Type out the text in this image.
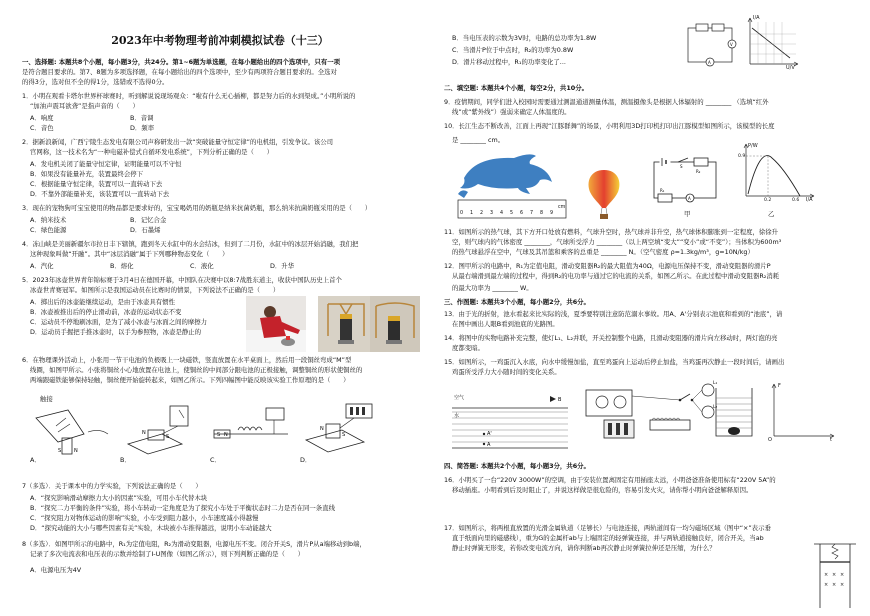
2023年中考物理考前冲刺模拟试卷（十三）
一、选择题: 本题共8个小题，每小题3分，共24分。第1~6题为单选题，在每小题给出的四个选项中，只有一项
是符合题目要求的。第7、8题为多项选择题，在每小题给出的四个选项中，至少有两项符合题目要求的。全选对
的得3分，选对但不全的得1分，选错或不选得0分。
1．小明在观看卡塔尔世界杯球赛时，听到解说说现场观众：“啦有什么无心插柳，都是努力后的水到渠成。”小明所说的
“加油声震耳欲聋”是指声音的（　　）
A．响度	B．音调
C．音色	D．频率
2．据新浪新闻，广西宁陵生态发电有限公司声称研发出一款“突破能量守恒定律”的电机组，引发争议。该公司
官网称，这一技术名为“一种电磁补偿式自循环发电系统”，下列分析正确的是（　　）
A．发电机关闭了能量守恒定律，证明能量可以不守恒
B．如果没有能量补充，装置最终会停下
C．根据能量守恒定律，装置可以一直转动下去
D．不靠外部能量补充，该装置可以一直转动下去
3．现在的宠物狗可宝宝使用的物品都是要求好的，宝宝喝奶用的奶瓶是纳米抗菌奶瓶，那么纳米抗菌奶瓶采用的是（　　）
A．纳米技术	B．记忆合金
C．绿色能源	D．石墨烯
4．冻山峡是美丽新疆尔市拉日丰下辖镇，跑到冬天水缸中的水会结冰，但到了二月份，水缸中的冰层开始消融，我们把
这种现象叫做“开融”。其中“冰层消融”属于下列哪种物态变化（　　）
A．汽化	B．熔化	C．液化	D．升华
5．2023年冰壶世界青年锦标赛于3月4日在德国开幕，中国队在决赛中以8:7战胜东道主，收获中国队历史上首个
冰壶世青赛冠军。如图所示是我国运动员在比赛时的情景，下列说法不正确的是（　　）
A．掷出后的冰壶能继续运动，是由于冰壶具有惯性
B．冰壶被推出后的停止滑动前，冰壶的运动状态不变
C．运动员不停地刷冰面，是为了减小冰壶与冰面之间的摩擦力
D．运动员手握把手推冰壶时，以手为参照物，冰壶是静止的
6．在物理课外活动上，小张用一节干电池的负极吸上一块磁铁，竖直放置在水平桌面上，然后用一段铜丝弯成“M”型
线圈，如图甲所示。小张将铜丝小心地放置在电池上，使铜丝的中间部分跟电池的正极接触，调整铜丝的形状使铜丝的
两端跟磁铁能够保持轻触，铜丝便开始旋转起来，如图乙所示。下列四幅图中能反映该实验工作原理的是（　　）
触接
S	N
N
S	S N
N
S
A．	B．	C．	D．
7（多选）．关于课本中的力学实验，下列说法正确的是（　　）
A．“探究影响滑动摩擦力大小的因素”实验，可用小车代替木块
B．“探究二力平衡的条件”实验，将小车转动一定角度是为了探究小车处于平衡状态时二力是否在同一条直线
C．“探究阻力对物体运动的影响”实验，小车受到阻力越小，小车速度减小得越慢
D．“探究动能的大小与哪些因素有关”实验，木块被小车推得越远，说明小车动能越大
8（多选）．如图甲所示的电路中，R₁为定值电阻，R₂为滑动变阻器，电源电压不变。闭合开关S，滑片P从a端移动到b端，
记录了多次电流表和电压表的示数并绘制了I-U图像（如图乙所示），则下列判断正确的是（　　）
A．电源电压为4V
B．当电压表的示数为3V时，电路的总功率为1.8W
C．当滑片P位于中点时，R₂的功率为0.8W
D．滑片移动过程中，R₁的功率变化了...	A
V
I/A
U/V
二、填空题: 本题共4个小题，每空2分，共10分。
9．疫情期间，同学们进入校园时需要通过测温通道测量体温，测温摄像头是根据人体辐射的 ________ （选填“红外
线”或“紫外线”）强弱来确定人体温度的。
10．长江生态不断改善，江面上再现“江豚群舞”的场景，小明利用3D打印机打印出江豚模型如图所示，该模型的长度
是 ________ cm。
0 1 2 3 4 5 6 7 8 9
cm
A
R₁
R₂
S
甲
P/W
I/A
0.2	0.6
0.9
乙
11．如图所示的热气球，其下方开口处放有燃料，气球升空时，热气球并非升空，热气球体积膨胀到一定程度，徐徐升
空，则气球内的气体密度 ________，气球所受浮力 ________（以上两空填“变大”“变小”或“不变”）；当体积为600m³
的热气球悬浮在空中，气球及其吊篮和乘客的总重是 ________ N。（空气密度 ρ=1.3kg/m³，g=10N/kg）
12．图甲所示的电路中，R₁为定值电阻，滑动变阻器R₂的最大阻值为40Ω，电源电压保持不变，滑动变阻器的滑片P
从最右端滑到最左端的过程中，得到R₂的电功率与通过它的电流的关系，如图乙所示。在此过程中滑动变阻器R₂消耗
的最大功率为 ________ W。
三、作图题: 本题共3个小题，每小题2分，共6分。
13．由于光的折射，池水看起来比实际的浅，夏季要特别注意防范溺水事故。用A、A'分别表示池底和看到的“池底”，请
在图中画出人眼B看到池底的光路图。
14．将图中的实物电路补充完整，使灯L₁、L₂并联，开关控制整个电路，且滑动变阻器的滑片向左移动时，两灯泡的亮
度都变暗。
15．如图所示，一鸡蛋沉入水底，向水中缓慢加盐，直至鸡蛋向上运动后停止加盐，当鸡蛋再次静止一段时间后，请画出
鸡蛋所受浮力大小随时间的变化关系。
A'
A
B
空气
水
L₁
L₂
F
t
O
四、简答题: 本题共2个小题，每小题3分，共6分。
16．小明买了一台“220V 3000W”的空调，由于安装位置离固定有用插座太远，小明爸爸准备使用标有“220V 5A”的
移动插座。小明看到后及时阻止了，并说这样做是很危险的，容易引发火灾，请你帮小明向爸爸解释原因。
17．如图所示，将两根直放置的光滑金属轨道（足够长）与电池连接，两轨道间有一均匀磁场区域（图中“×”表示垂
直于纸面向里的磁感线），重为G的金属杆ab与上端固定的轻弹簧连接，并与两轨道接触良好，闭合开关，当ab
静止时弹簧无形变，若你改变电流方向，请你判断ab再次静止时弹簧拉伸还是压缩，为什么？
× × ×
× × ×
